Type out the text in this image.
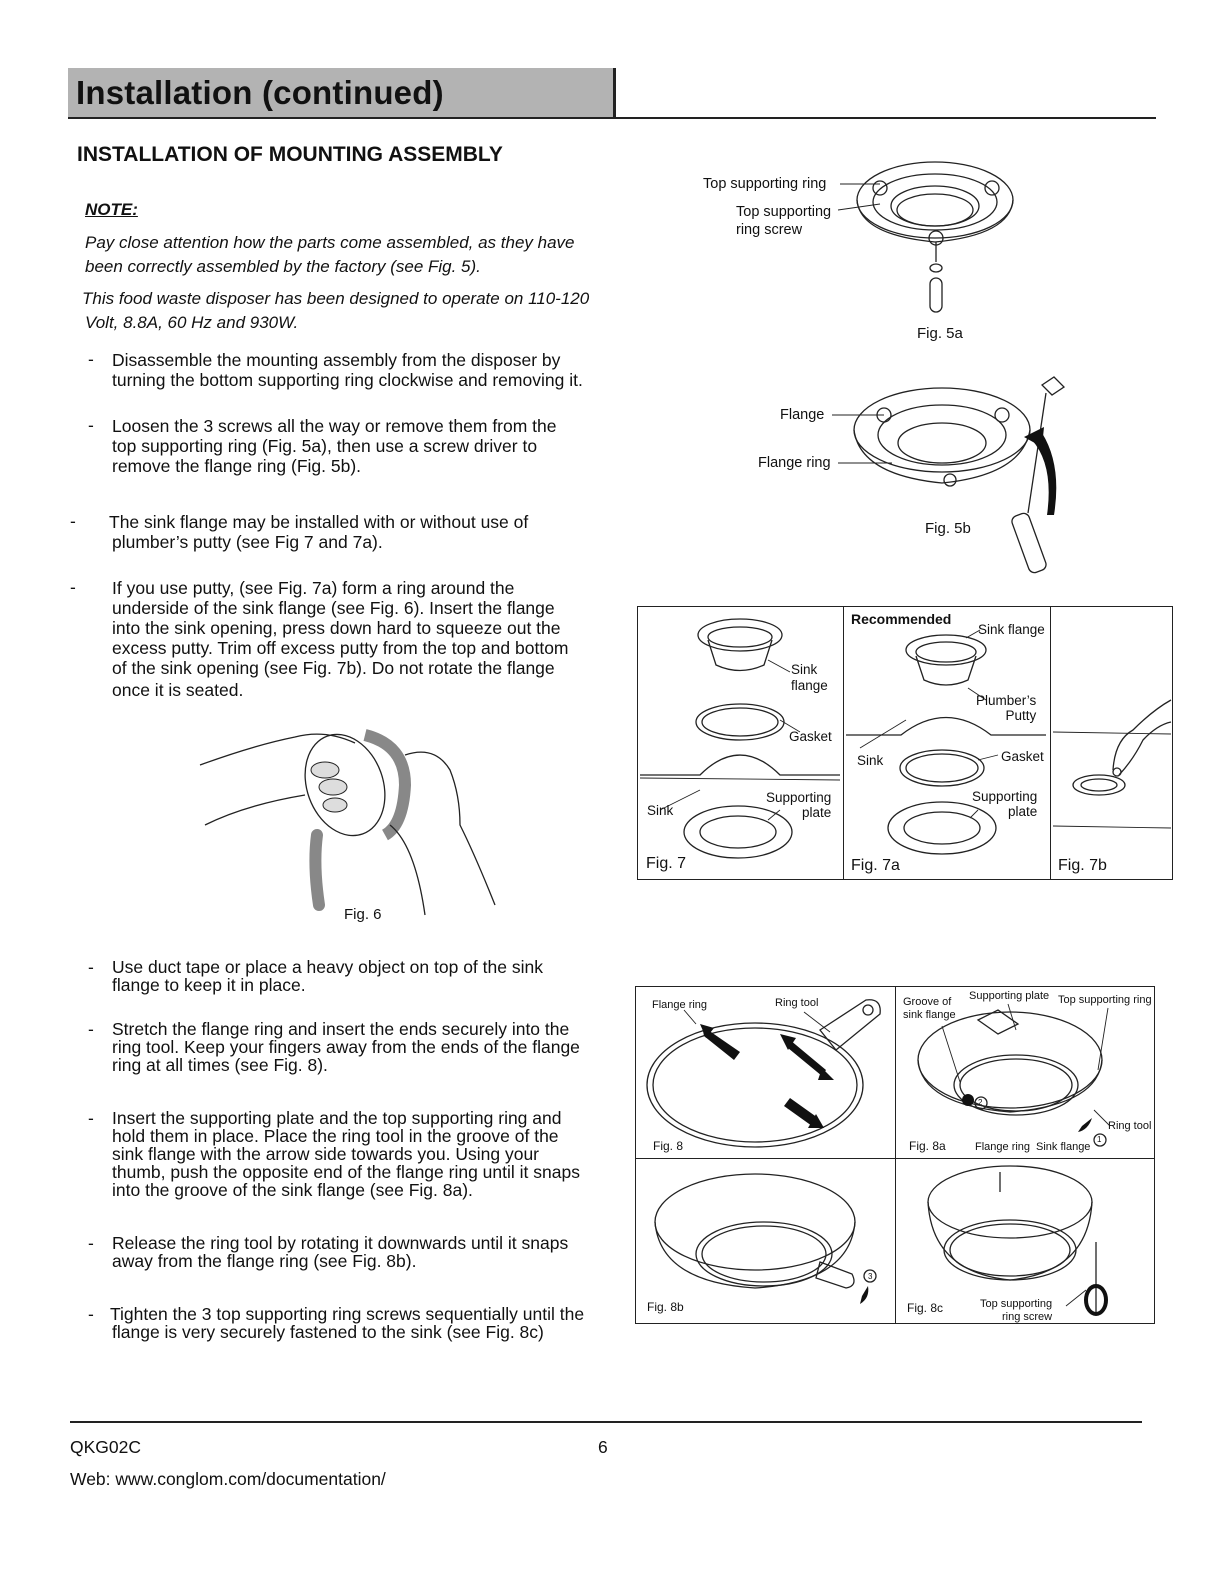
Installation (continued)
INSTALLATION OF MOUNTING ASSEMBLY
NOTE:
Pay close attention how the parts come assembled, as they have
been correctly assembled by the factory (see Fig. 5).
This food waste disposer has been designed to operate on 110-120
Volt, 8.8A, 60 Hz and 930W.
- Disassemble the mounting assembly from the disposer by
turning the bottom supporting ring clockwise and removing it.
- Loosen the 3 screws all the way or remove them from the
top supporting ring (Fig. 5a), then use a screw driver to
remove the flange ring (Fig. 5b).
- The sink flange may be installed with or without use of
plumber’s putty (see Fig 7 and 7a).
- If you use putty, (see Fig. 7a) form a ring around the
underside of the sink flange (see Fig. 6). Insert the flange
into the sink opening, press down hard to squeeze out the
excess putty. Trim off excess putty from the top and bottom
of the sink opening (see Fig. 7b). Do not rotate the flange
once it is seated.
- Use duct tape or place a heavy object on top of the sink
flange to keep it in place.
- Stretch the flange ring and insert the ends securely into the
ring tool. Keep your fingers away from the ends of the flange
ring at all times (see Fig. 8).
- Insert the supporting plate and the top supporting ring and
hold them in place. Place the ring tool in the groove of the
sink flange with the arrow side towards you. Using your
thumb, push the opposite end of the flange ring until it snaps
into the groove of the sink flange (see Fig. 8a).
- Release the ring tool by rotating it downwards until it snaps
away from the flange ring (see Fig. 8b).
- Tighten the 3 top supporting ring screws sequentially until the
flange is very securely fastened to the sink (see Fig. 8c)
Top supporting ring
Top supporting
ring screw
Fig. 5a
Flange
Flange ring
Fig. 5b
Fig. 6
Sink
flange
Gasket
Sink
Supporting
plate
Fig. 7
Recommended
Sink flange
Plumber’s
Putty
Sink	Gasket
Supporting
plate
Fig. 7a	Fig. 7b
Flange ring	Ring tool
Fig. 8
Groove of
sink flange
Supporting plate Top supporting ring
Ring tool
Flange ring Sink flange
2
1
Fig. 8a
3
Fig. 8b	Top supporting
ring screw
Fig. 8c
QKG02C	6
Web: www.conglom.com/documentation/
